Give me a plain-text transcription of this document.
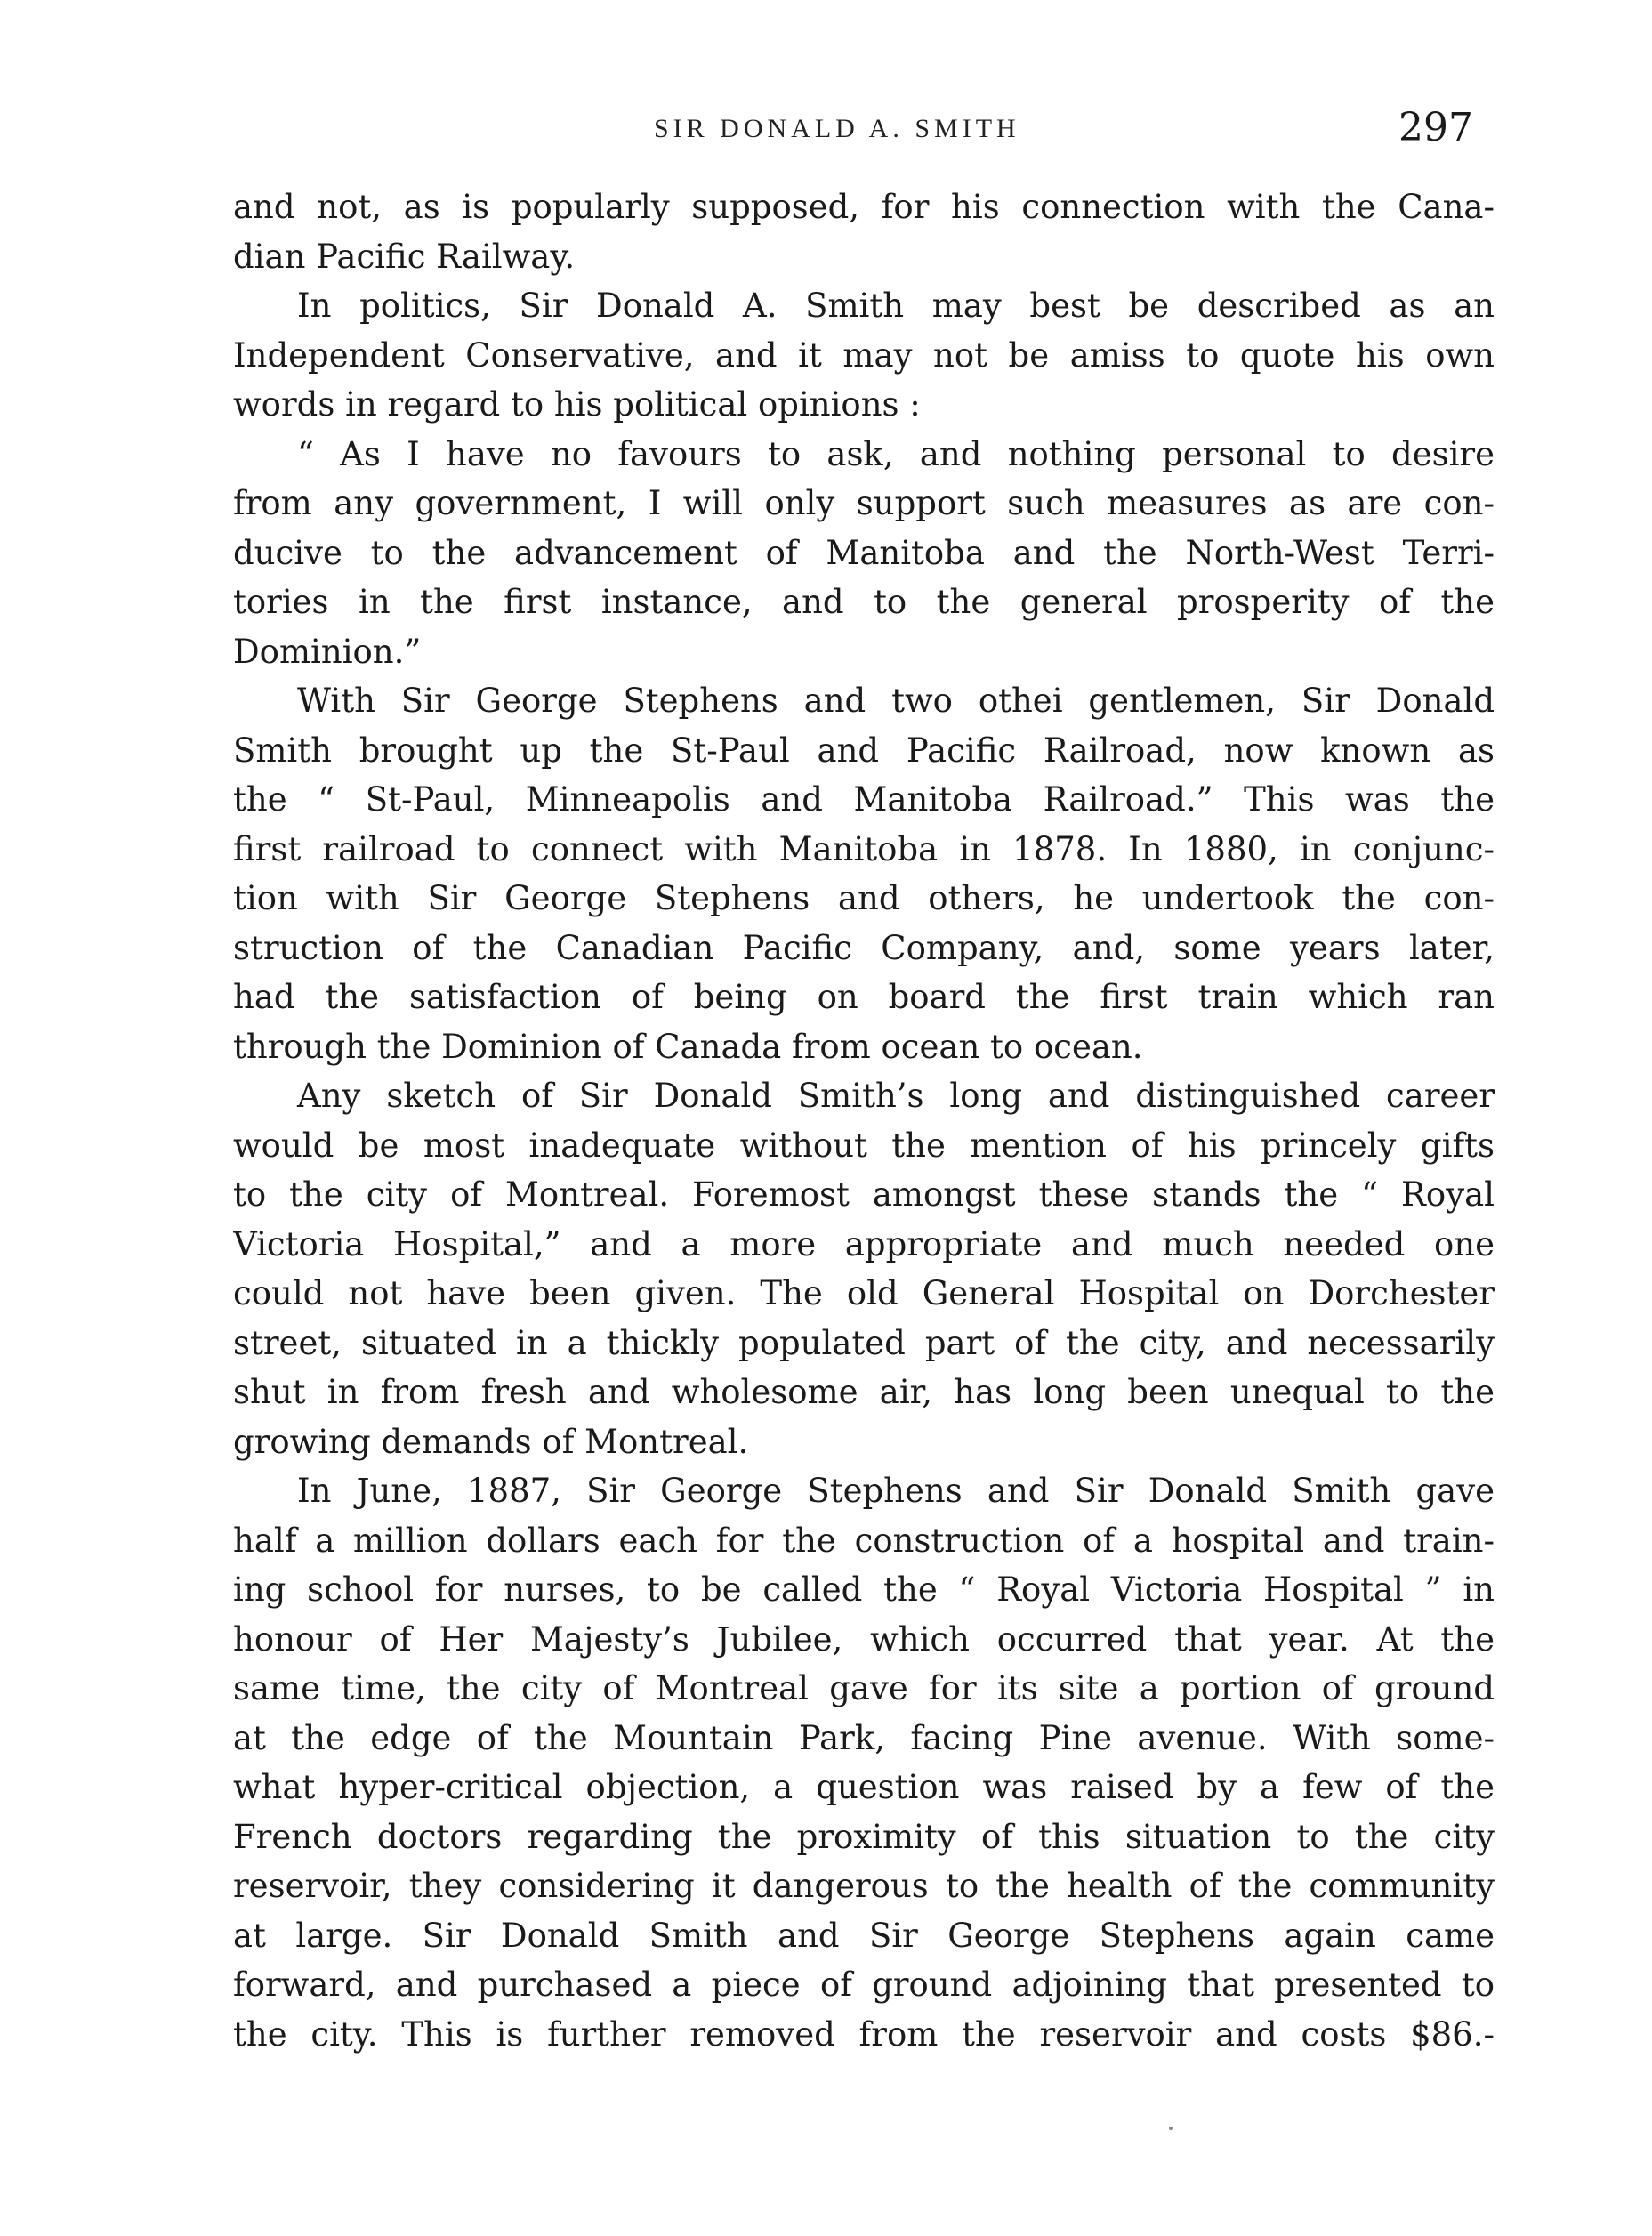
SIR DONALD A. SMITH	297
and not, as is popularly supposed, for his connection with the Cana-
dian Pacific Railway.
In politics, Sir Donald A. Smith may best be described as an
Independent Conservative, and it may not be amiss to quote his own
words in regard to his political opinions :
“ As I have no favours to ask, and nothing personal to desire
from any government, I will only support such measures as are con-
ducive to the advancement of Manitoba and the North-West Terri-
tories in the first instance, and to the general prosperity of the
Dominion.”
With Sir George Stephens and two othei gentlemen, Sir Donald
Smith brought up the St-Paul and Pacific Railroad, now known as
the “ St-Paul, Minneapolis and Manitoba Railroad.” This was the
first railroad to connect with Manitoba in 1878. In 1880, in conjunc-
tion with Sir George Stephens and others, he undertook the con-
struction of the Canadian Pacific Company, and, some years later,
had the satisfaction of being on board the first train which ran
through the Dominion of Canada from ocean to ocean.
Any sketch of Sir Donald Smith’s long and distinguished career
would be most inadequate without the mention of his princely gifts
to the city of Montreal. Foremost amongst these stands the “ Royal
Victoria Hospital,” and a more appropriate and much needed one
could not have been given. The old General Hospital on Dorchester
street, situated in a thickly populated part of the city, and necessarily
shut in from fresh and wholesome air, has long been unequal to the
growing demands of Montreal.
In June, 1887, Sir George Stephens and Sir Donald Smith gave
half a million dollars each for the construction of a hospital and train-
ing school for nurses, to be called the “ Royal Victoria Hospital ” in
honour of Her Majesty’s Jubilee, which occurred that year. At the
same time, the city of Montreal gave for its site a portion of ground
at the edge of the Mountain Park, facing Pine avenue. With some-
what hyper-critical objection, a question was raised by a few of the
French doctors regarding the proximity of this situation to the city
reservoir, they considering it dangerous to the health of the community
at large. Sir Donald Smith and Sir George Stephens again came
forward, and purchased a piece of ground adjoining that presented to
the city. This is further removed from the reservoir and costs $86.-
